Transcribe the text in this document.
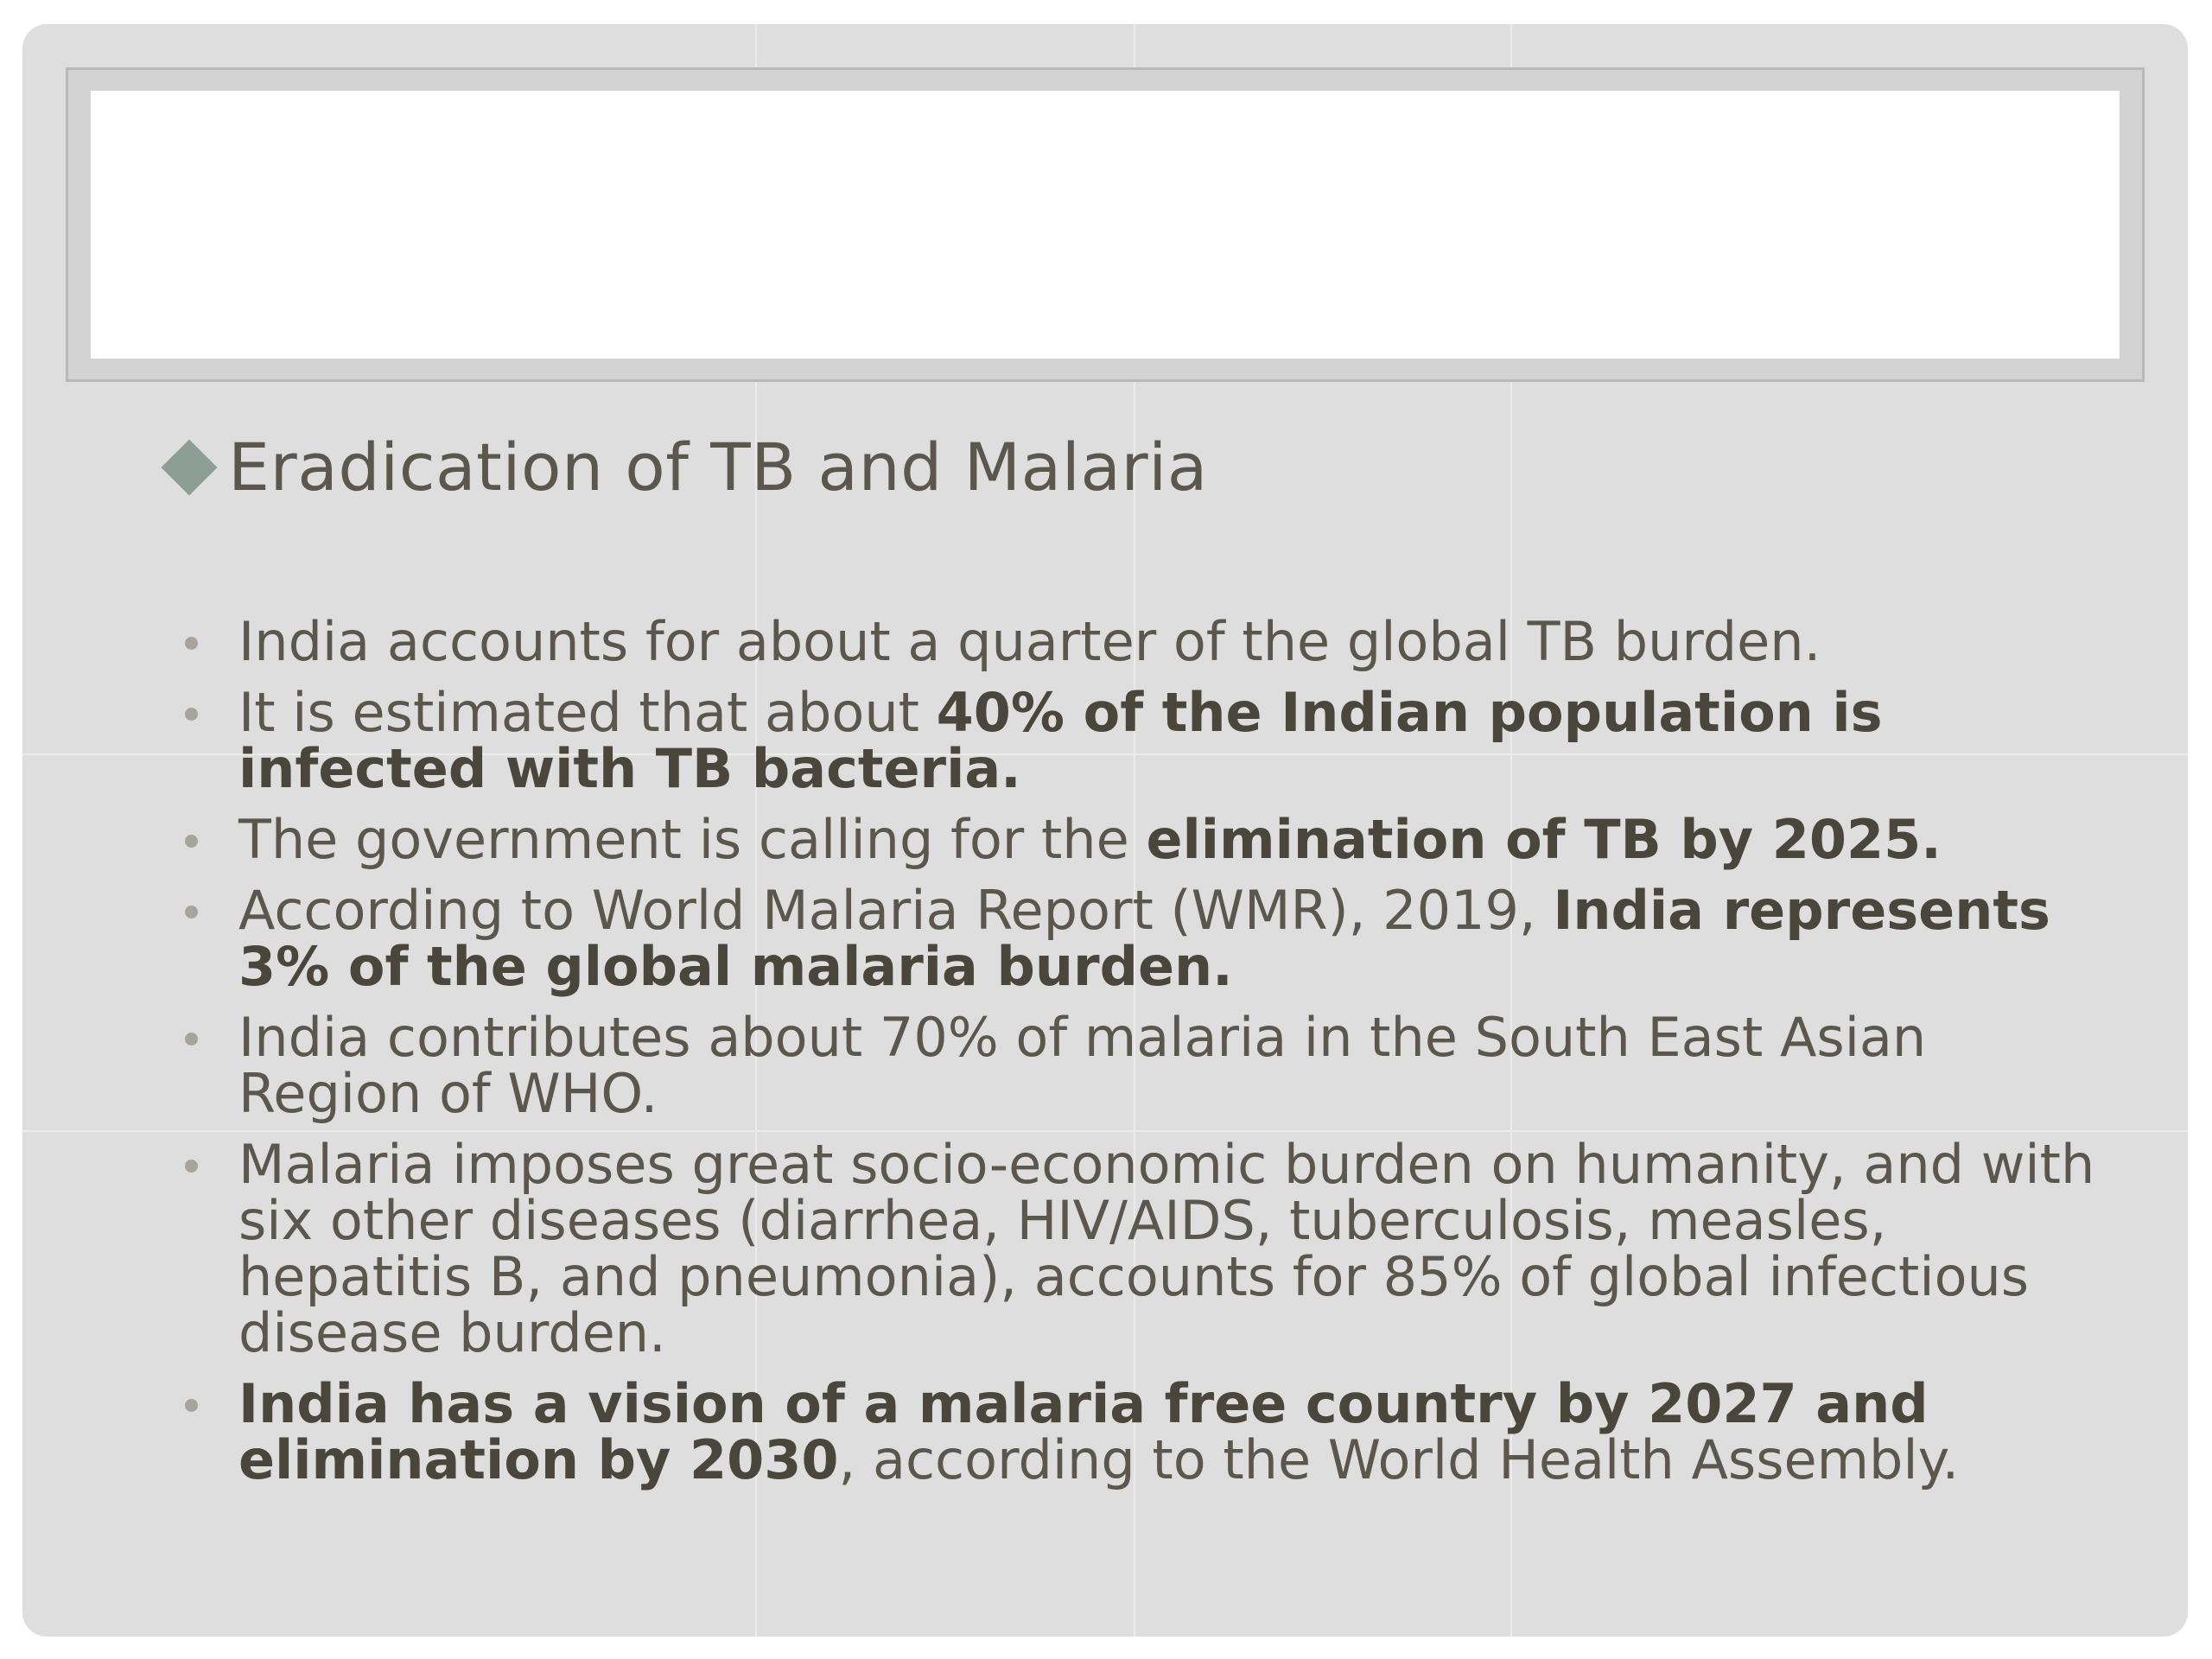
Eradication of TB and Malaria
India accounts for about a quarter of the global TB burden.
It is estimated that about 40% of the Indian population is infected with TB bacteria.
The government is calling for the elimination of TB by 2025.
According to World Malaria Report (WMR), 2019, India represents 3% of the global malaria burden.
India contributes about 70% of malaria in the South East Asian Region of WHO.
Malaria imposes great socio-economic burden on humanity, and with six other diseases (diarrhea, HIV/AIDS, tuberculosis, measles, hepatitis B, and pneumonia), accounts for 85% of global infectious disease burden.
India has a vision of a malaria free country by 2027 and elimination by 2030, according to the World Health Assembly.
